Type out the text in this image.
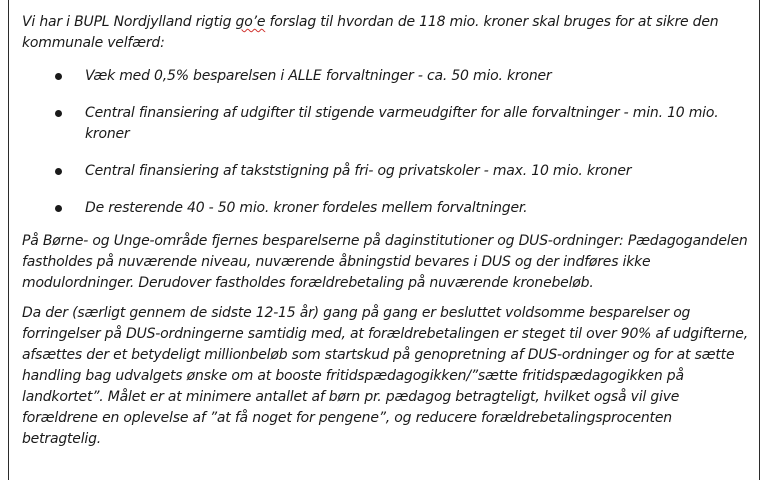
Vi har i BUPL Nordjylland rigtig go’e forslag til hvordan de 118 mio. kroner skal bruges for at sikre den kommunale velfærd:

Væk med 0,5% besparelsen i ALLE forvaltninger - ca. 50 mio. kroner
Central finansiering af udgifter til stigende varmeudgifter for alle forvaltninger - min. 10 mio. kroner
Central finansiering af takststigning på fri- og privatskoler - max. 10 mio. kroner
De resterende 40 - 50 mio. kroner fordeles mellem forvaltninger.

På Børne- og Unge-område fjernes besparelserne på daginstitutioner og DUS-ordninger: Pædagogandelen fastholdes på nuværende niveau, nuværende åbningstid bevares i DUS og der indføres ikke modulordninger. Derudover fastholdes forældrebetaling på nuværende kronebeløb.

Da der (særligt gennem de sidste 12-15 år) gang på gang er besluttet voldsomme besparelser og forringelser på DUS-ordningerne samtidig med, at forældrebetalingen er steget til over 90% af udgifterne, afsættes der et betydeligt millionbeløb som startskud på genopretning af DUS-ordninger og for at sætte handling bag udvalgets ønske om at booste fritidspædagogikken/”sætte fritidspædagogikken på landkortet”. Målet er at minimere antallet af børn pr. pædagog betragteligt, hvilket også vil give forældrene en oplevelse af ”at få noget for pengene”, og reducere forældrebetalingsprocenten betragtelig.
